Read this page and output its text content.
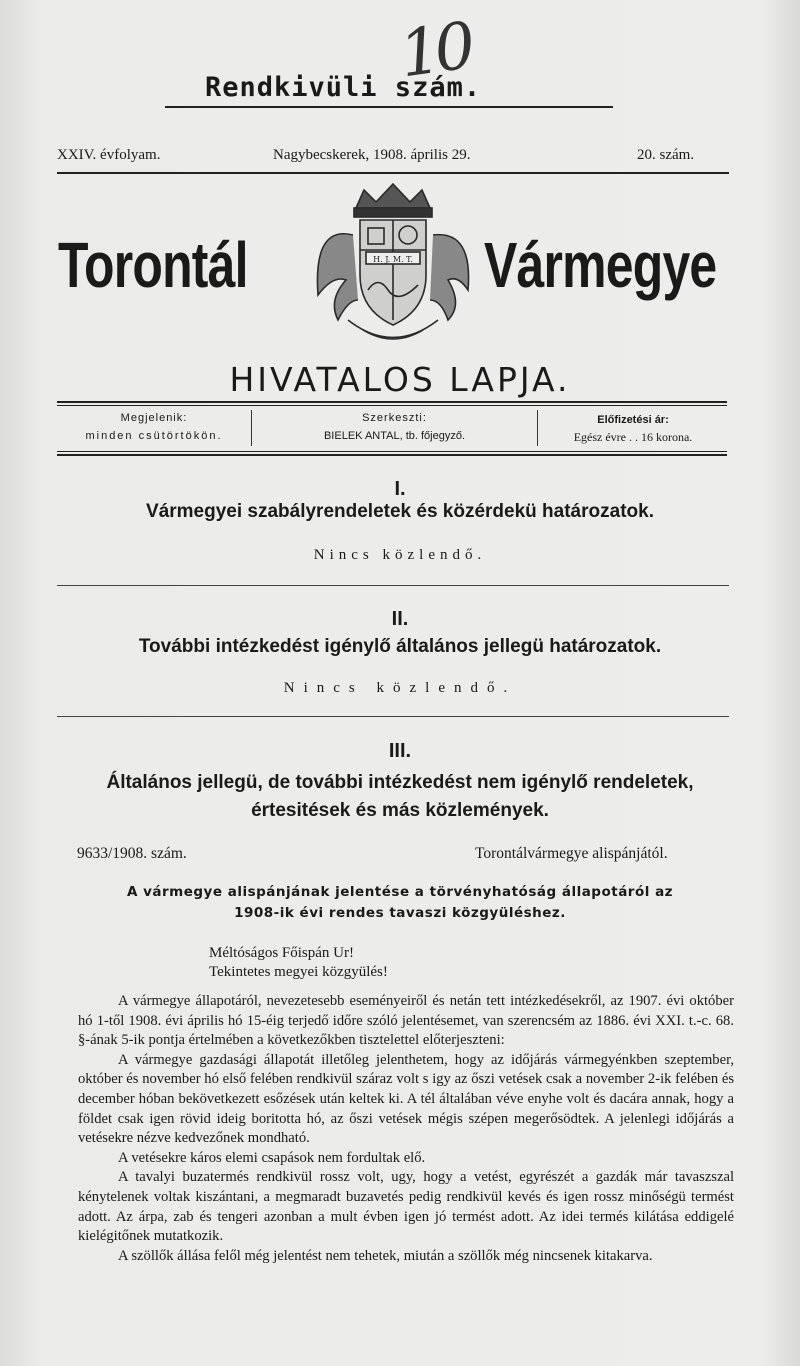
10
Rendkivüli szám.
XXIV. évfolyam.	Nagybecskerek, 1908. április 29.	20. szám.
Torontál	Vármegye
H. J. M. T.
HIVATALOS LAPJA.
Megjelenik:
minden csütörtökön.
Szerkeszti:
BIELEK ANTAL, tb. főjegyző.
Előfizetési ár:
Egész évre . . 16 korona.
I.
Vármegyei szabályrendeletek és közérdekü határozatok.
Nincs közlendő.
II.
További intézkedést igénylő általános jellegü határozatok.
Nincs közlendő.
III.
Általános jellegü, de további intézkedést nem igénylő rendeletek,
értesitések és más közlemények.
9633/1908. szám.	Torontálvármegye alispánjától.
A vármegye alispánjának jelentése a törvényhatóság állapotáról az
1908-ik évi rendes tavaszi közgyüléshez.
Méltóságos Főispán Ur!
Tekintetes megyei közgyülés!

A vármegye állapotáról, nevezetesebb eseményeiről és netán tett intézkedésekről, az 1907. évi október hó 1-től 1908. évi április hó 15-éig terjedő időre szóló jelentésemet, van szerencsém az 1886. évi XXI. t.-c. 68. §-ának 5-ik pontja értelmében a következőkben tisztelettel előterjeszteni:

A vármegye gazdasági állapotát illetőleg jelenthetem, hogy az időjárás vármegyénkben szeptember, október és november hó első felében rendkivül száraz volt s igy az őszi vetések csak a november 2-ik felében és december hóban bekövetkezett esőzések után keltek ki. A tél általában véve enyhe volt és dacára annak, hogy a földet csak igen rövid ideig boritotta hó, az őszi vetések mégis szépen megerősödtek. A jelenlegi időjárás a vetésekre nézve kedvezőnek mondható.

A vetésekre káros elemi csapások nem fordultak elő.

A tavalyi buzatermés rendkivül rossz volt, ugy, hogy a vetést, egyrészét a gazdák már tavaszszal kénytelenek voltak kiszántani, a megmaradt buzavetés pedig rendkivül kevés és igen rossz minőségü termést adott. Az árpa, zab és tengeri azonban a mult évben igen jó termést adott. Az idei termés kilátása eddigelé kielégitőnek mutatkozik.

A szöllők állása felől még jelentést nem tehetek, miután a szöllők még nincsenek kitakarva.
